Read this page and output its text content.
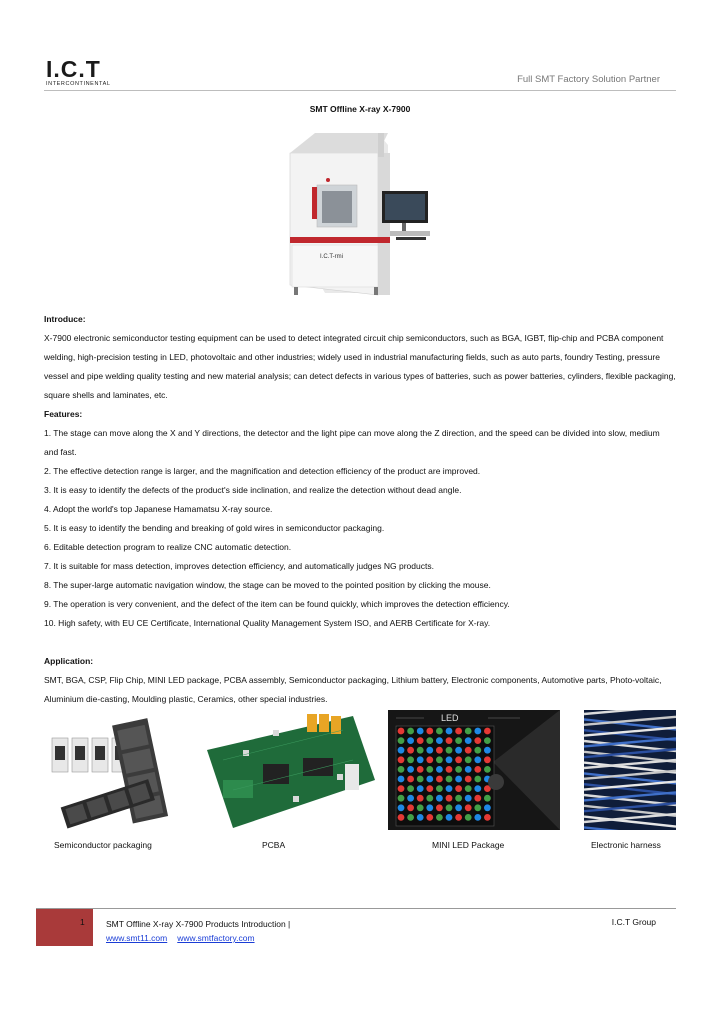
I.C.T
INTERCONTINENTAL	Full SMT Factory Solution Partner
SMT Offline X-ray X-7900
I.C.T-rmi

Introduce:

X-7900 electronic semiconductor testing equipment can be used to detect integrated circuit chip semiconductors, such as BGA, IGBT, flip-chip and PCBA component welding, high-precision testing in LED, photovoltaic and other industries; widely used in industrial manufacturing fields, such as auto parts, foundry Testing, pressure vessel and pipe welding quality testing and new material analysis; can detect defects in various types of batteries, such as power batteries, cylinders, flexible packaging, square shells and laminates, etc.

Features:

1. The stage can move along the X and Y directions, the detector and the light pipe can move along the Z direction, and the speed can be divided into slow, medium and fast.

2. The effective detection range is larger, and the magnification and detection efficiency of the product are improved.

3. It is easy to identify the defects of the product's side inclination, and realize the detection without dead angle.

4. Adopt the world's top Japanese Hamamatsu X-ray source.

5. It is easy to identify the bending and breaking of gold wires in semiconductor packaging.

6. Editable detection program to realize CNC automatic detection.

7. It is suitable for mass detection, improves detection efficiency, and automatically judges NG products.

8. The super-large automatic navigation window, the stage can be moved to the pointed position by clicking the mouse.

9. The operation is very convenient, and the defect of the item can be found quickly, which improves the detection efficiency.

10. High safety, with EU CE Certificate, International Quality Management System ISO, and AERB Certificate for X-ray.

Application:

SMT, BGA, CSP, Flip Chip, MINI LED package, PCBA assembly, Semiconductor packaging, Lithium battery, Electronic components, Automotive parts, Photo-voltaic, Aluminium die-casting, Moulding plastic, Ceramics, other special industries.

LED
Semiconductor packaging	PCBA	MINI LED Package	Electronic harness
1	SMT Offline X-ray X-7900 Products Introduction |
www.smt11.com www.smtfactory.com
I.C.T Group
